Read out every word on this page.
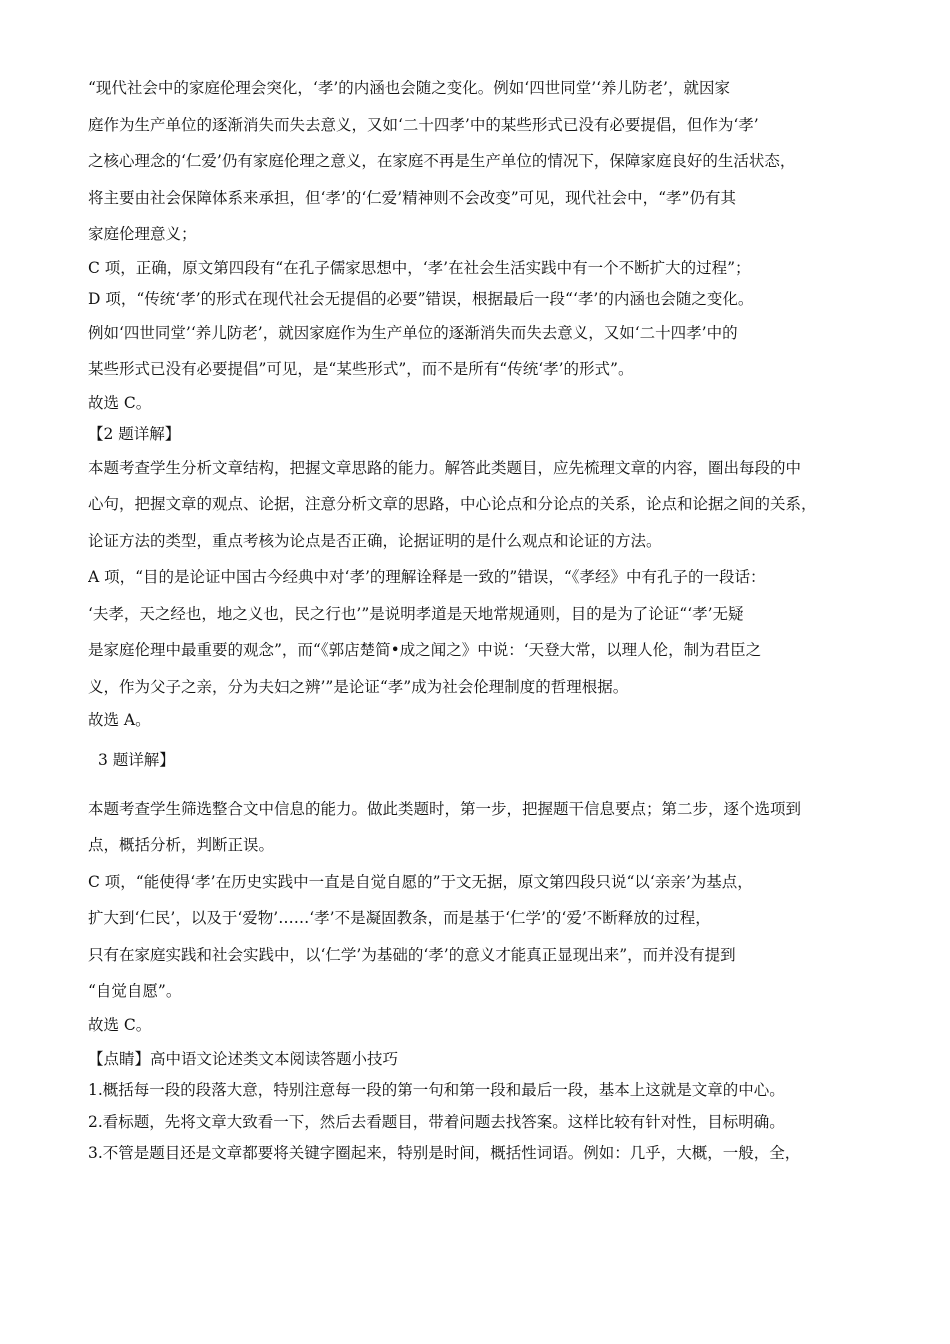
“现代社会中的家庭伦理会突化，‘孝’的内涵也会随之变化。例如‘四世同堂’‘养儿防老’，就因家
庭作为生产单位的逐渐消失而失去意义，又如‘二十四孝’中的某些形式已没有必要提倡，但作为‘孝’
之核心理念的‘仁爱’仍有家庭伦理之意义，在家庭不再是生产单位的情况下，保障家庭良好的生活状态，
将主要由社会保障体系来承担，但‘孝’的‘仁爱’精神则不会改变”可见，现代社会中，“孝”仍有其
家庭伦理意义；
C 项，正确，原文第四段有“在孔子儒家思想中，‘孝’在社会生活实践中有一个不断扩大的过程”；
D 项，“传统‘孝’的形式在现代社会无提倡的必要”错误，根据最后一段“‘孝’的内涵也会随之变化。
例如‘四世同堂’‘养儿防老’，就因家庭作为生产单位的逐渐消失而失去意义，又如‘二十四孝’中的
某些形式已没有必要提倡”可见，是“某些形式”，而不是所有“传统‘孝’的形式”。
故选 C。
【2 题详解】
本题考查学生分析文章结构，把握文章思路的能力。解答此类题目，应先梳理文章的内容，圈出每段的中
心句，把握文章的观点、论据，注意分析文章的思路，中心论点和分论点的关系，论点和论据之间的关系，
论证方法的类型，重点考核为论点是否正确，论据证明的是什么观点和论证的方法。
A 项，“目的是论证中国古今经典中对‘孝’的理解诠释是一致的”错误，“《孝经》中有孔子的一段话：
‘夫孝，天之经也，地之义也，民之行也’”是说明孝道是天地常规通则，目的是为了论证“‘孝’无疑
是家庭伦理中最重要的观念”，而“《郭店楚简•成之闻之》中说：‘天登大常，以理人伦，制为君臣之
义，作为父子之亲，分为夫妇之辨’”是论证“孝”成为社会伦理制度的哲理根据。
故选 A。
3 题详解】
本题考查学生筛选整合文中信息的能力。做此类题时，第一步，把握题干信息要点；第二步，逐个选项到
点，概括分析，判断正误。
C 项，“能使得‘孝’在历史实践中一直是自觉自愿的”于文无据，原文第四段只说“以‘亲亲’为基点，
扩大到‘仁民’，以及于‘爱物’……‘孝’不是凝固教条，而是基于‘仁学’的‘爱’不断释放的过程，
只有在家庭实践和社会实践中，以‘仁学’为基础的‘孝’的意义才能真正显现出来”，而并没有提到
“自觉自愿”。
故选 C。
【点睛】高中语文论述类文本阅读答题小技巧
1.概括每一段的段落大意，特别注意每一段的第一句和第一段和最后一段，基本上这就是文章的中心。
2.看标题，先将文章大致看一下，然后去看题目，带着问题去找答案。这样比较有针对性，目标明确。
3.不管是题目还是文章都要将关键字圈起来，特别是时间，概括性词语。例如：几乎，大概，一般，全，
